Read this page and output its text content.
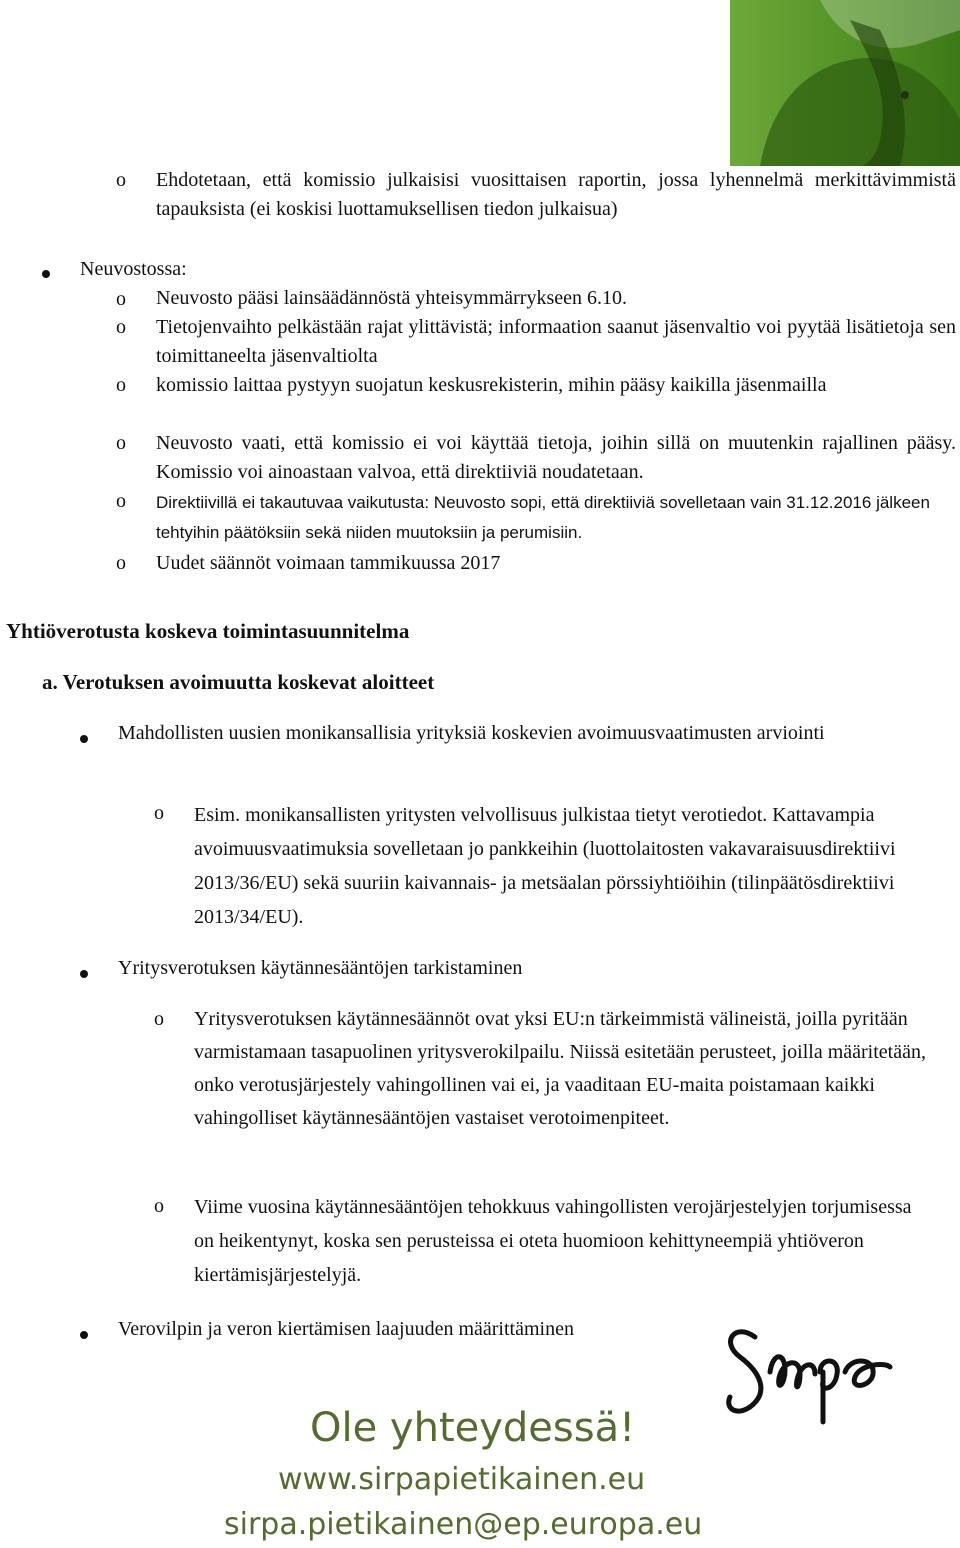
o Ehdotetaan, että komissio julkaisisi vuosittaisen raportin, jossa lyhennelmä merkittävimmistä tapauksista (ei koskisi luottamuksellisen tiedon julkaisua)
Neuvostossa:
o Neuvosto pääsi lainsäädännöstä yhteisymmärrykseen 6.10.
o Tietojenvaihto pelkästään rajat ylittävistä; informaation saanut jäsenvaltio voi pyytää lisätietoja sen toimittaneelta jäsenvaltiolta
o komissio laittaa pystyyn suojatun keskusrekisterin, mihin pääsy kaikilla jäsenmailla
o Neuvosto vaati, että komissio ei voi käyttää tietoja, joihin sillä on muutenkin rajallinen pääsy. Komissio voi ainoastaan valvoa, että direktiiviä noudatetaan.
o Direktiivillä ei takautuvaa vaikutusta: Neuvosto sopi, että direktiiviä sovelletaan vain 31.12.2016 jälkeen tehtyihin päätöksiin sekä niiden muutoksiin ja perumisiin.
o Uudet säännöt voimaan tammikuussa 2017
Yhtiöverotusta koskeva toimintasuunnitelma
a. Verotuksen avoimuutta koskevat aloitteet
Mahdollisten uusien monikansallisia yrityksiä koskevien avoimuusvaatimusten arviointi
o Esim. monikansallisten yritysten velvollisuus julkistaa tietyt verotiedot. Kattavampia avoimuusvaatimuksia sovelletaan jo pankkeihin (luottolaitosten vakavaraisuusdirektiivi 2013/36/EU) sekä suuriin kaivannais- ja metsäalan pörssiyhtiöihin (tilinpäätösdirektiivi 2013/34/EU).
Yritysverotuksen käytännesääntöjen tarkistaminen
o Yritysverotuksen käytännesäännöt ovat yksi EU:n tärkeimmistä välineistä, joilla pyritään varmistamaan tasapuolinen yritysverokilpailu. Niissä esitetään perusteet, joilla määritetään, onko verotusjärjestely vahingollinen vai ei, ja vaaditaan EU-maita poistamaan kaikki vahingolliset käytännesääntöjen vastaiset verotoimenpiteet.
o Viime vuosina käytännesääntöjen tehokkuus vahingollisten verojärjestelyjen torjumisessa on heikentynyt, koska sen perusteissa ei oteta huomioon kehittyneempiä yhtiöveron kiertämisjärjestelyjä.
Verovilpin ja veron kiertämisen laajuuden määrittäminen
Ole yhteydessä!
www.sirpapietikainen.eu
sirpa.pietikainen@ep.europa.eu
